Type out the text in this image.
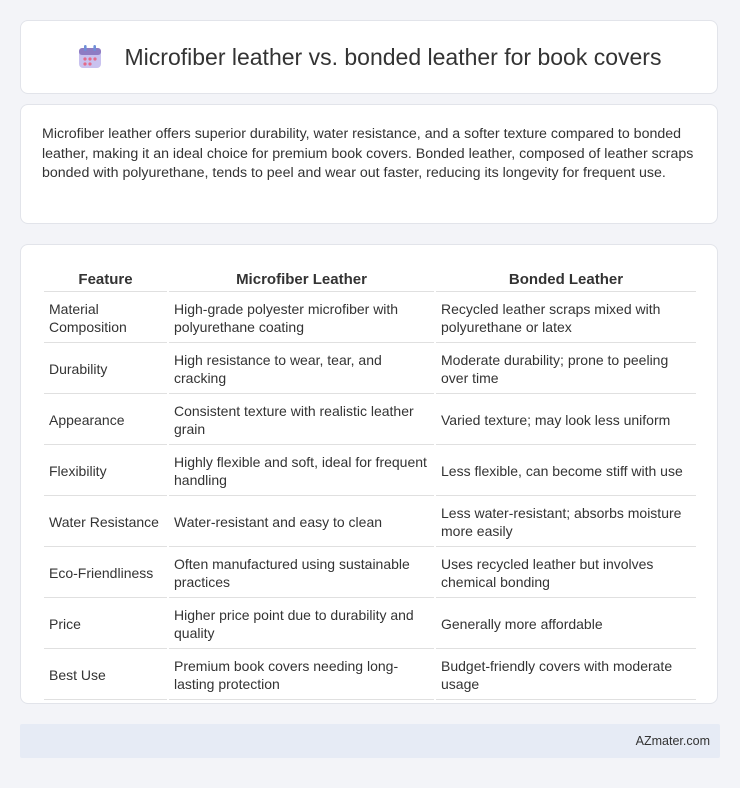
Microfiber leather vs. bonded leather for book covers

Microfiber leather offers superior durability, water resistance, and a softer texture compared to bonded leather, making it an ideal choice for premium book covers. Bonded leather, composed of leather scraps bonded with polyurethane, tends to peel and wear out faster, reducing its longevity for frequent use.

Feature	Microfiber Leather	Bonded Leather
Material Composition	High-grade polyester microfiber with polyurethane coating	Recycled leather scraps mixed with polyurethane or latex
Durability	High resistance to wear, tear, and cracking	Moderate durability; prone to peeling over time
Appearance	Consistent texture with realistic leather grain	Varied texture; may look less uniform
Flexibility	Highly flexible and soft, ideal for frequent handling	Less flexible, can become stiff with use
Water Resistance	Water-resistant and easy to clean	Less water-resistant; absorbs moisture more easily
Eco-Friendliness	Often manufactured using sustainable practices	Uses recycled leather but involves chemical bonding
Price	Higher price point due to durability and quality	Generally more affordable
Best Use	Premium book covers needing long-lasting protection	Budget-friendly covers with moderate usage
AZmater.com
